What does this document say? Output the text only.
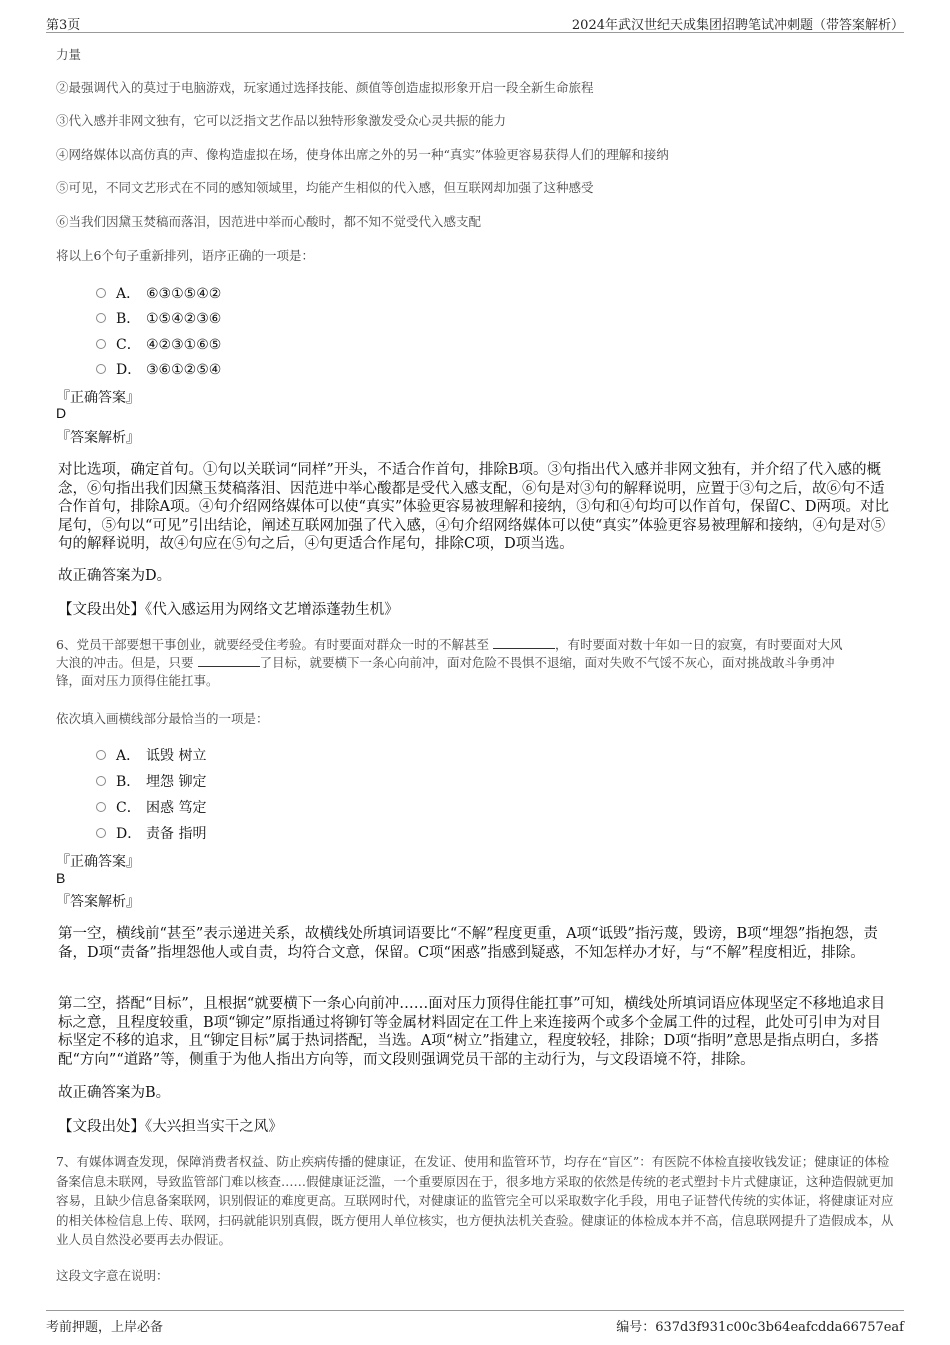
第3页	2024年武汉世纪天成集团招聘笔试冲刺题（带答案解析）
力量
②最强调代入的莫过于电脑游戏，玩家通过选择技能、颜值等创造虚拟形象开启一段全新生命旅程
③代入感并非网文独有，它可以泛指文艺作品以独特形象激发受众心灵共振的能力
④网络媒体以高仿真的声、像构造虚拟在场，使身体出席之外的另一种“真实”体验更容易获得人们的理解和接纳
⑤可见，不同文艺形式在不同的感知领域里，均能产生相似的代入感，但互联网却加强了这种感受
⑥当我们因黛玉焚稿而落泪，因范进中举而心酸时，都不知不觉受代入感支配
将以上6个句子重新排列，语序正确的一项是：
A． ⑥③①⑤④②
B． ①⑤④②③⑥
C． ④②③①⑥⑤
D． ③⑥①②⑤④
『正确答案』
D
『答案解析』
对比选项，确定首句。①句以关联词“同样”开头，不适合作首句，排除B项。③句指出代入感并非网文独有，并介绍了代入感的概念，⑥句指出我们因黛玉焚稿落泪、因范进中举心酸都是受代入感支配，⑥句是对③句的解释说明，应置于③句之后，故⑥句不适合作首句，排除A项。④句介绍网络媒体可以使“真实”体验更容易被理解和接纳，③句和④句均可以作首句，保留C、D两项。对比尾句，⑤句以“可见”引出结论，阐述互联网加强了代入感，④句介绍网络媒体可以使“真实”体验更容易被理解和接纳，④句是对⑤句的解释说明，故④句应在⑤句之后，④句更适合作尾句，排除C项，D项当选。
故正确答案为D。
【文段出处】《代入感运用为网络文艺增添蓬勃生机》
6、党员干部要想干事创业，就要经受住考验。有时要面对群众一时的不解甚至	，有时要面对数十年如一日的寂寞，有时要面对大风
大浪的冲击。但是，只要	了目标，就要横下一条心向前冲，面对危险不畏惧不退缩，面对失败不气馁不灰心，面对挑战敢斗争勇冲
锋，面对压力顶得住能扛事。
依次填入画横线部分最恰当的一项是：
A． 诋毁 树立
B． 埋怨 铆定
C． 困惑 笃定
D． 责备 指明
『正确答案』
B
『答案解析』
第一空，横线前“甚至”表示递进关系，故横线处所填词语要比“不解”程度更重，A项“诋毁”指污蔑，毁谤，B项“埋怨”指抱怨，责备，D项“责备”指埋怨他人或自责，均符合文意，保留。C项“困惑”指感到疑惑，不知怎样办才好，与“不解”程度相近，排除。
第二空，搭配“目标”，且根据“就要横下一条心向前冲……面对压力顶得住能扛事”可知，横线处所填词语应体现坚定不移地追求目标之意，且程度较重，B项“铆定”原指通过将铆钉等金属材料固定在工件上来连接两个或多个金属工件的过程，此处可引申为对目标坚定不移的追求，且“铆定目标”属于热词搭配，当选。A项“树立”指建立，程度较轻，排除；D项“指明”意思是指点明白，多搭配“方向”“道路”等，侧重于为他人指出方向等，而文段则强调党员干部的主动行为，与文段语境不符，排除。
故正确答案为B。
【文段出处】《大兴担当实干之风》
7、有媒体调查发现，保障消费者权益、防止疾病传播的健康证，在发证、使用和监管环节，均存在“盲区”：有医院不体检直接收钱发证；健康证的体检备案信息未联网，导致监管部门难以核查……假健康证泛滥，一个重要原因在于，很多地方采取的依然是传统的老式塑封卡片式健康证，这种造假就更加容易，且缺少信息备案联网，识别假证的难度更高。互联网时代，对健康证的监管完全可以采取数字化手段，用电子证替代传统的实体证，将健康证对应的相关体检信息上传、联网，扫码就能识别真假，既方便用人单位核实，也方便执法机关查验。健康证的体检成本并不高，信息联网提升了造假成本，从业人员自然没必要再去办假证。
这段文字意在说明：
考前押题，上岸必备	编号：637d3f931c00c3b64eafcdda66757eaf
